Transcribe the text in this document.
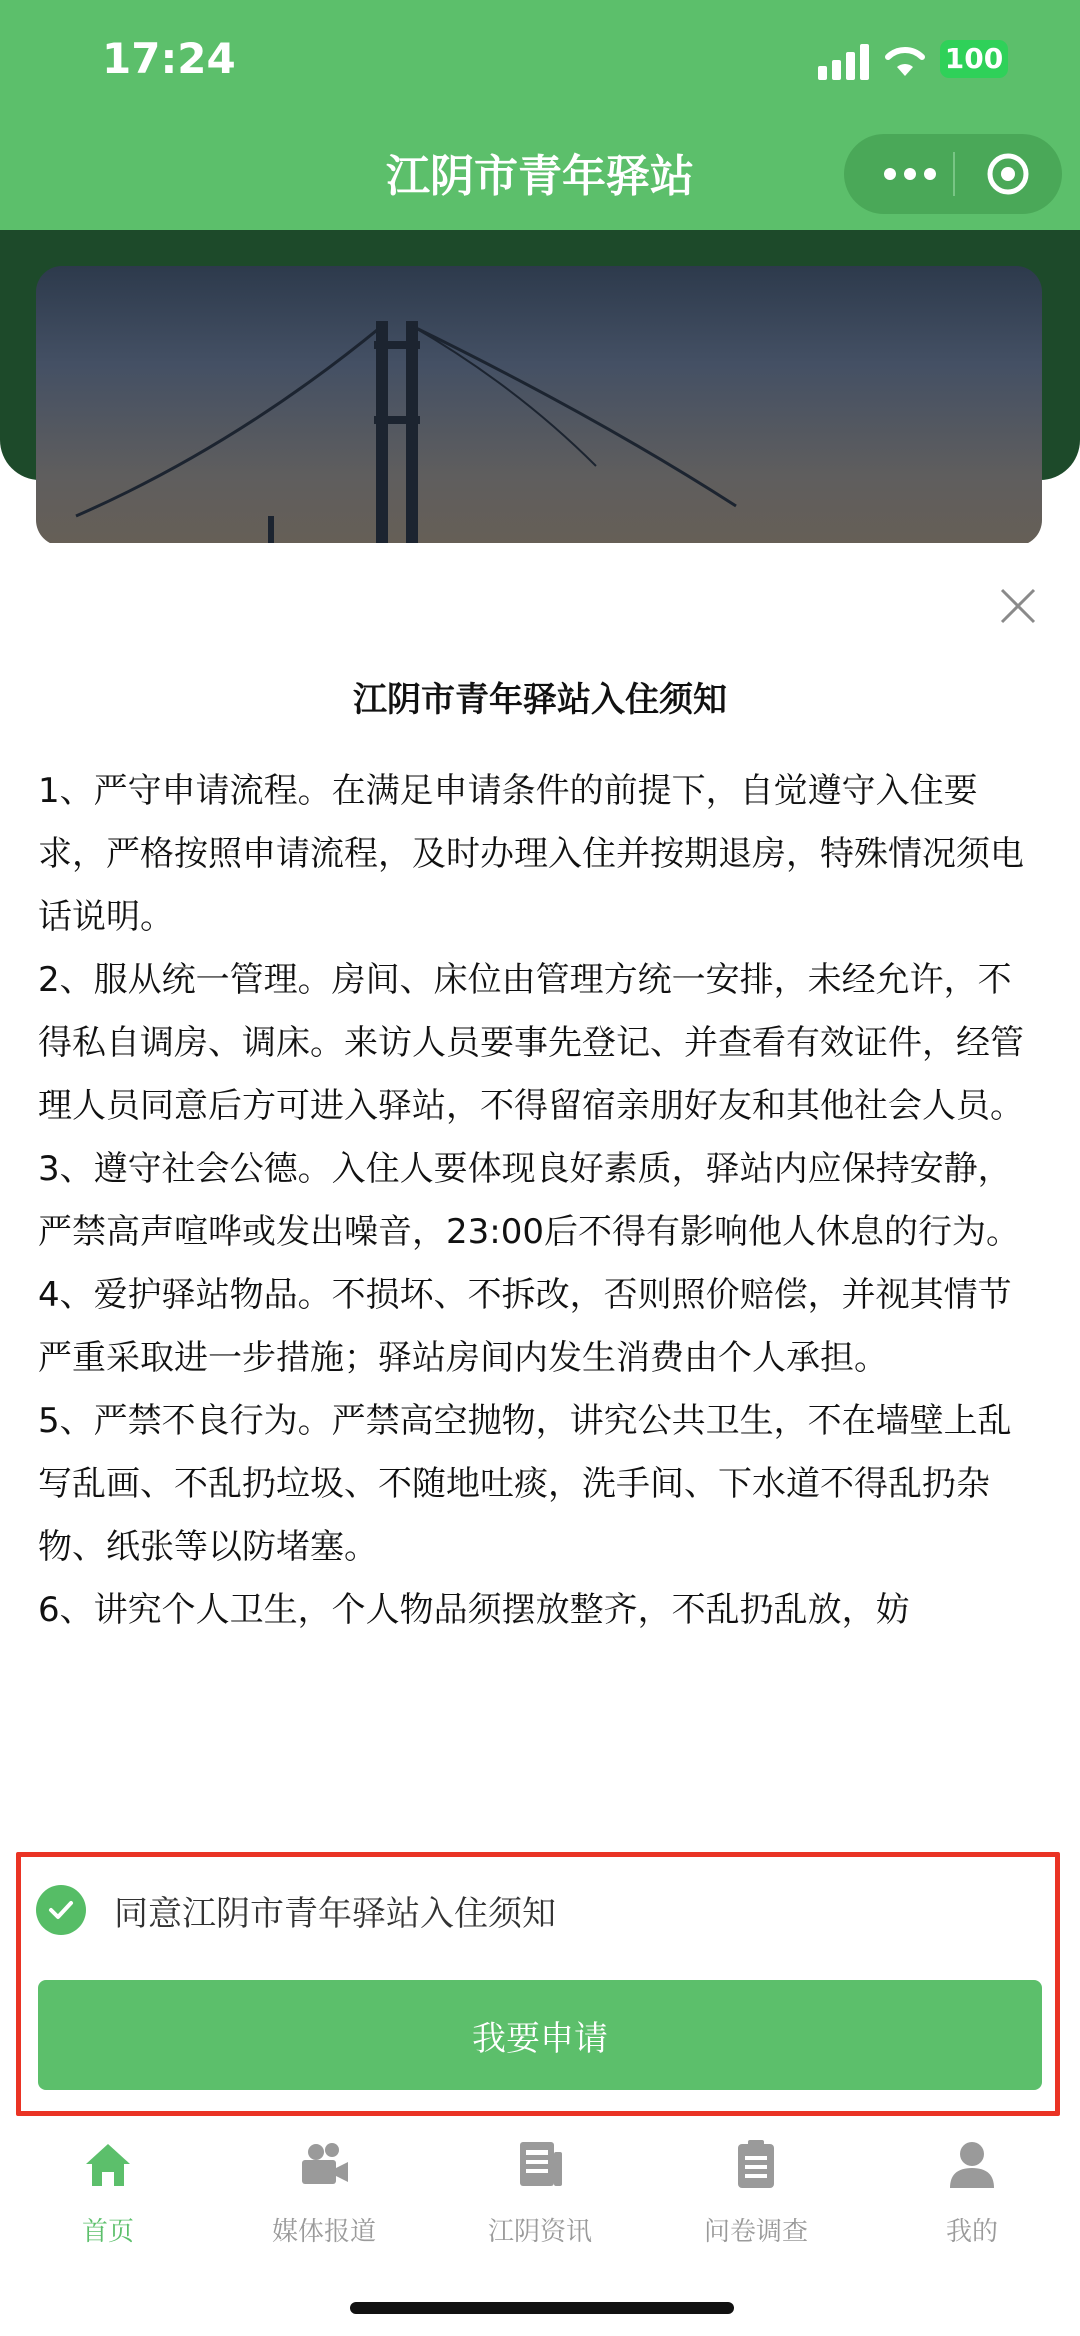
17:24	100
江阴市青年驿站
江阴市青年驿站入住须知

1、严守申请流程。在满足申请条件的前提下，自觉遵守入住要求，严格按照申请流程，及时办理入住并按期退房，特殊情况须电话说明。

2、服从统一管理。房间、床位由管理方统一安排，未经允许，不得私自调房、调床。来访人员要事先登记、并查看有效证件，经管理人员同意后方可进入驿站，不得留宿亲朋好友和其他社会人员。

3、遵守社会公德。入住人要体现良好素质，驿站内应保持安静，严禁高声喧哗或发出噪音，23:00后不得有影响他人休息的行为。

4、爱护驿站物品。不损坏、不拆改，否则照价赔偿，并视其情节严重采取进一步措施；驿站房间内发生消费由个人承担。

5、严禁不良行为。严禁高空抛物，讲究公共卫生，不在墙壁上乱写乱画、不乱扔垃圾、不随地吐痰，洗手间、下水道不得乱扔杂物、纸张等以防堵塞。

6、讲究个人卫生，个人物品须摆放整齐，不乱扔乱放，妨

同意江阴市青年驿站入住须知
我要申请
首页	媒体报道	江阴资讯	问卷调查	我的
